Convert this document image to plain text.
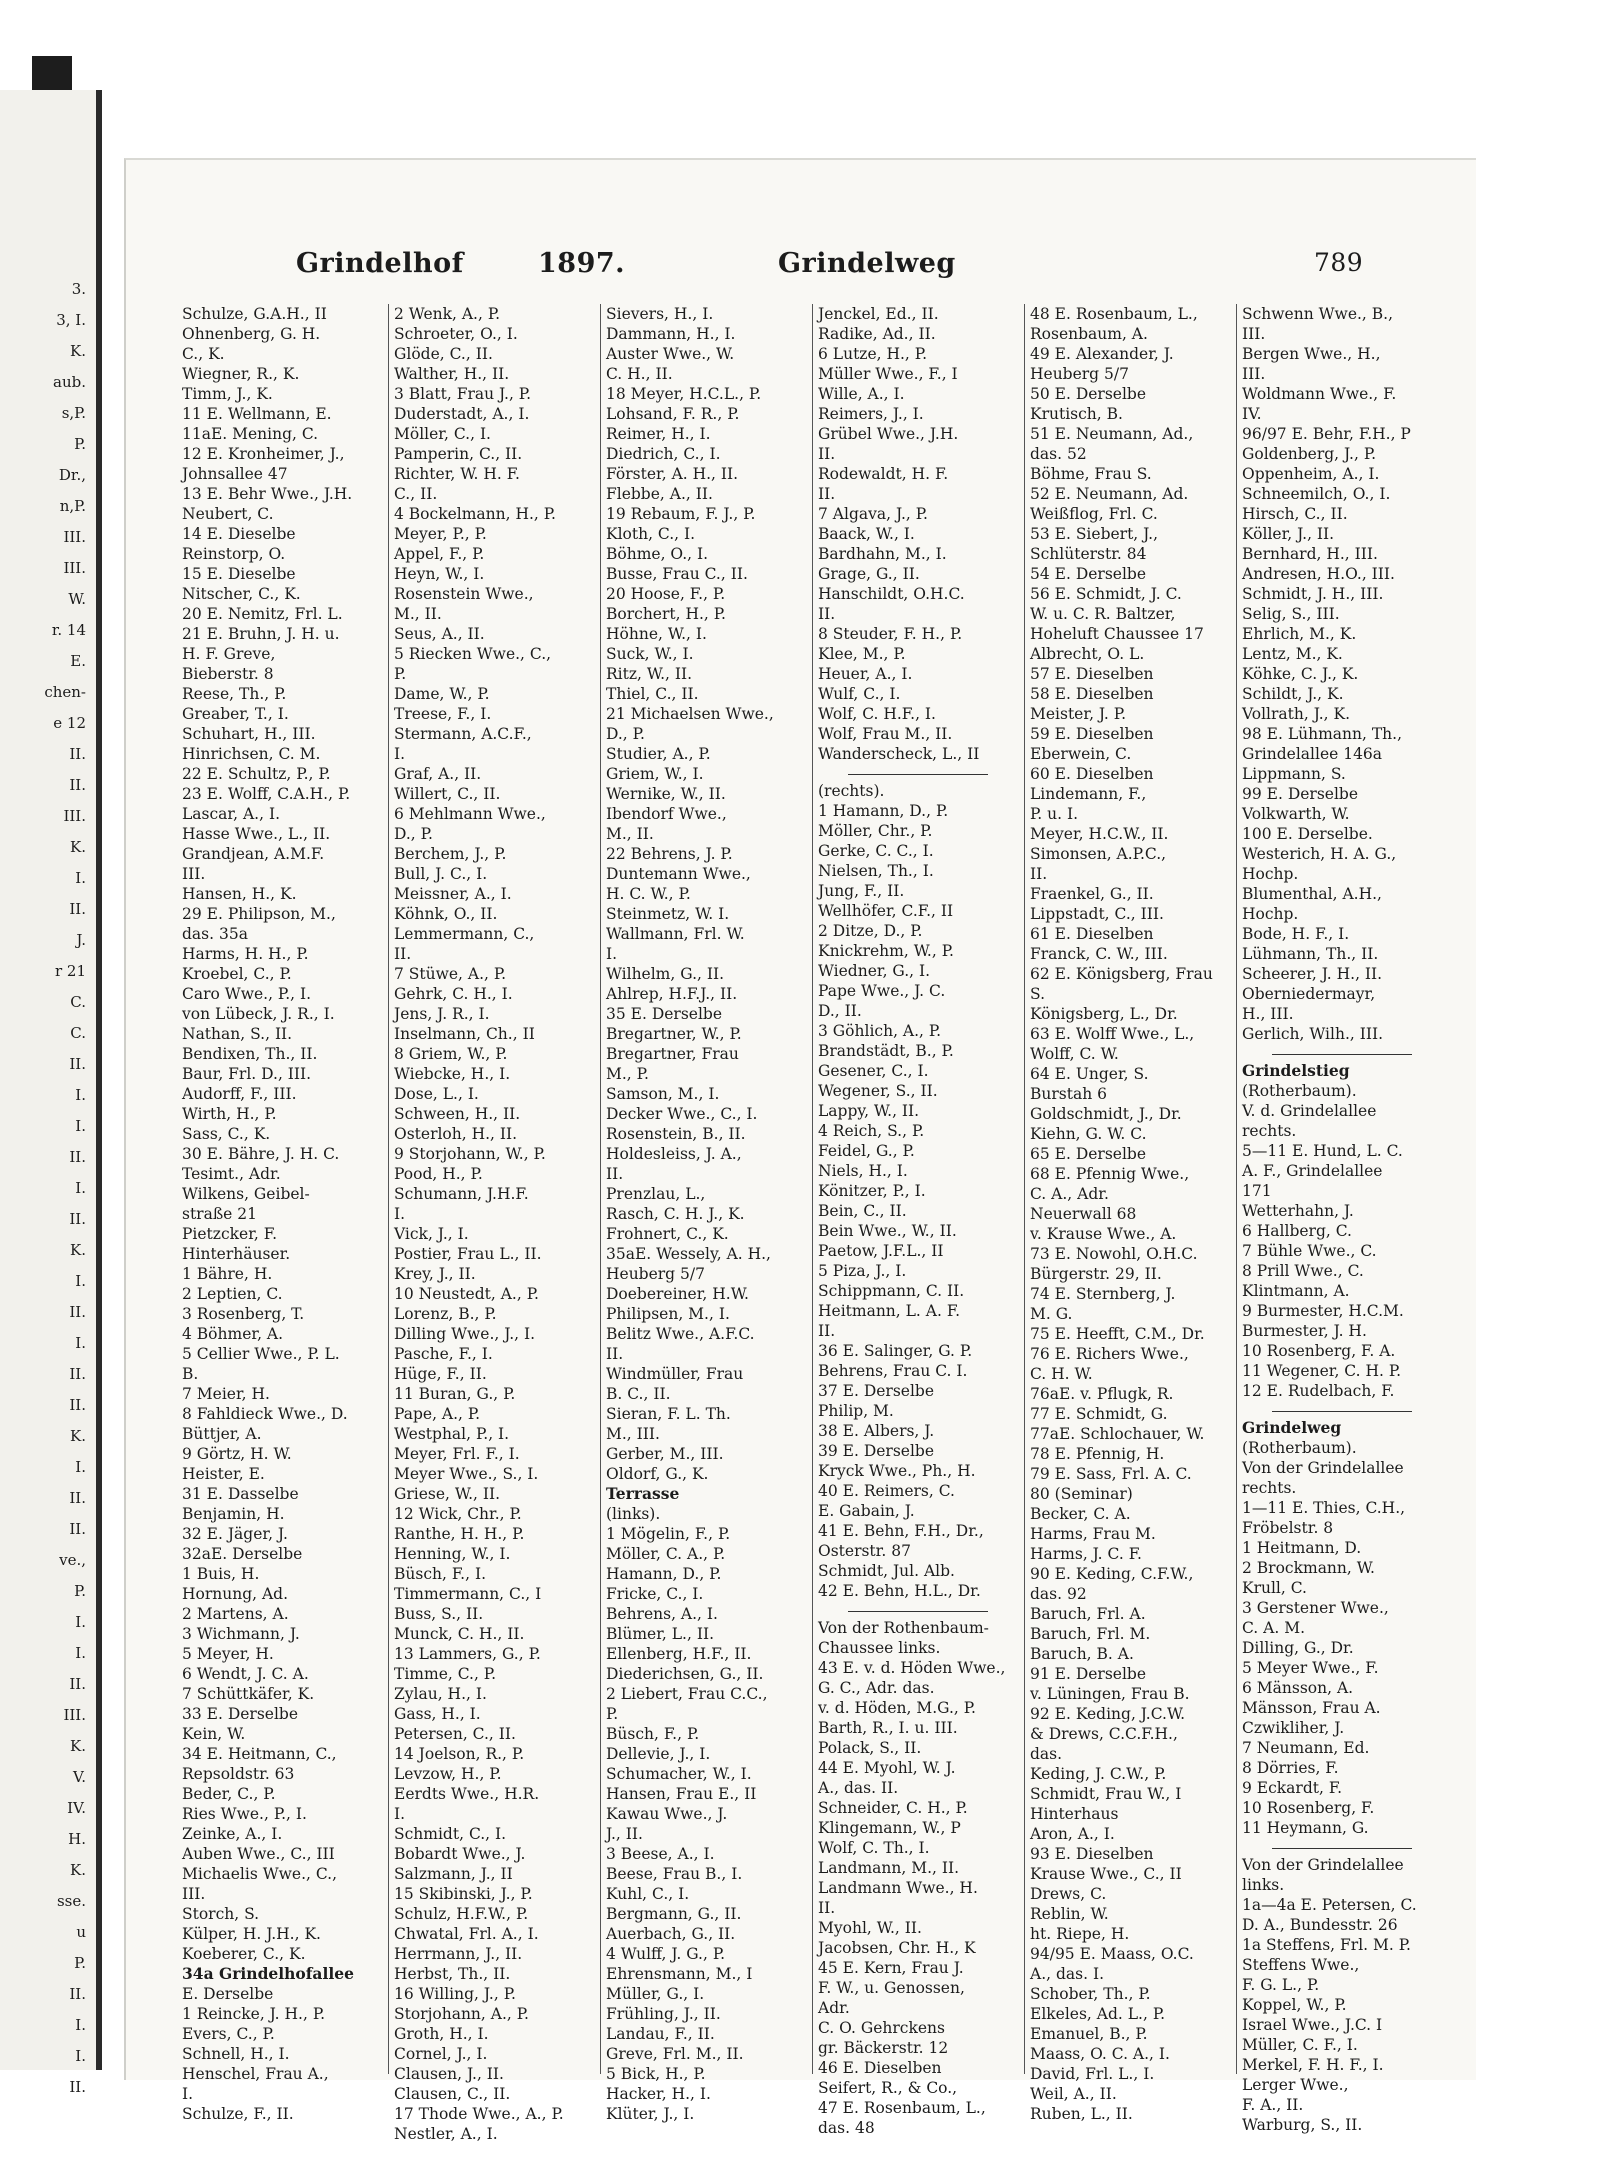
3.
3, I.
K.
aub.
s,P.
P.
Dr.,
n,P.
III.
III.
W.
r. 14
E.
chen-
e 12
II.
II.
III.
K.
I.
II.
J.
r 21
C.
C.
II.
I.
I.
II.
I.
II.
K.
I.
II.
I.
II.
II.
K.
I.
II.
II.
ve.,
P.
I.
I.
II.
III.
K.
V.
IV.
H.
K.
sse.
u
P.
II.
I.
I.
II.
Grindelhof	1897.	Grindelweg	789
Schulze, G.A.H., II
Ohnenberg, G. H.
C., K.
Wiegner, R., K.
Timm, J., K.
11 E. Wellmann, E.
11aE. Mening, C.
12 E. Kronheimer, J.,
Johnsallee 47
13 E. Behr Wwe., J.H.
Neubert, C.
14 E. Dieselbe
Reinstorp, O.
15 E. Dieselbe
Nitscher, C., K.
20 E. Nemitz, Frl. L.
21 E. Bruhn, J. H. u.
H. F. Greve,
Bieberstr. 8
Reese, Th., P.
Greaber, T., I.
Schuhart, H., III.
Hinrichsen, C. M.
22 E. Schultz, P., P.
23 E. Wolff, C.A.H., P.
Lascar, A., I.
Hasse Wwe., L., II.
Grandjean, A.M.F.
III.
Hansen, H., K.
29 E. Philipson, M.,
das. 35a
Harms, H. H., P.
Kroebel, C., P.
Caro Wwe., P., I.
von Lübeck, J. R., I.
Nathan, S., II.
Bendixen, Th., II.
Baur, Frl. D., III.
Audorff, F., III.
Wirth, H., P.
Sass, C., K.
30 E. Bähre, J. H. C.
Tesimt., Adr.
Wilkens, Geibel-
straße 21
Pietzcker, F.
Hinterhäuser.
1 Bähre, H.
2 Leptien, C.
3 Rosenberg, T.
4 Böhmer, A.
5 Cellier Wwe., P. L.
B.
7 Meier, H.
8 Fahldieck Wwe., D.
Büttjer, A.
9 Görtz, H. W.
Heister, E.
31 E. Dasselbe
Benjamin, H.
32 E. Jäger, J.
32aE. Derselbe
1 Buis, H.
Hornung, Ad.
2 Martens, A.
3 Wichmann, J.
5 Meyer, H.
6 Wendt, J. C. A.
7 Schüttkäfer, K.
33 E. Derselbe
Kein, W.
34 E. Heitmann, C.,
Repsoldstr. 63
Beder, C., P.
Ries Wwe., P., I.
Zeinke, A., I.
Auben Wwe., C., III
Michaelis Wwe., C.,
III.
Storch, S.
Külper, H. J.H., K.
Koeberer, C., K.
34a Grindelhofallee
E. Derselbe
1 Reincke, J. H., P.
Evers, C., P.
Schnell, H., I.
Henschel, Frau A.,
I.
Schulze, F., II.
2 Wenk, A., P.
Schroeter, O., I.
Glöde, C., II.
Walther, H., II.
3 Blatt, Frau J., P.
Duderstadt, A., I.
Möller, C., I.
Pamperin, C., II.
Richter, W. H. F.
C., II.
4 Bockelmann, H., P.
Meyer, P., P.
Appel, F., P.
Heyn, W., I.
Rosenstein Wwe.,
M., II.
Seus, A., II.
5 Riecken Wwe., C.,
P.
Dame, W., P.
Treese, F., I.
Stermann, A.C.F.,
I.
Graf, A., II.
Willert, C., II.
6 Mehlmann Wwe.,
D., P.
Berchem, J., P.
Bull, J. C., I.
Meissner, A., I.
Köhnk, O., II.
Lemmermann, C.,
II.
7 Stüwe, A., P.
Gehrk, C. H., I.
Jens, J. R., I.
Inselmann, Ch., II
8 Griem, W., P.
Wiebcke, H., I.
Dose, L., I.
Schween, H., II.
Osterloh, H., II.
9 Storjohann, W., P.
Pood, H., P.
Schumann, J.H.F.
I.
Vick, J., I.
Postier, Frau L., II.
Krey, J., II.
10 Neustedt, A., P.
Lorenz, B., P.
Dilling Wwe., J., I.
Pasche, F., I.
Hüge, F., II.
11 Buran, G., P.
Pape, A., P.
Westphal, P., I.
Meyer, Frl. F., I.
Meyer Wwe., S., I.
Griese, W., II.
12 Wick, Chr., P.
Ranthe, H. H., P.
Henning, W., I.
Büsch, F., I.
Timmermann, C., I
Buss, S., II.
Munck, C. H., II.
13 Lammers, G., P.
Timme, C., P.
Zylau, H., I.
Gass, H., I.
Petersen, C., II.
14 Joelson, R., P.
Levzow, H., P.
Eerdts Wwe., H.R.
I.
Schmidt, C., I.
Bobardt Wwe., J.
Salzmann, J., II
15 Skibinski, J., P.
Schulz, H.F.W., P.
Chwatal, Frl. A., I.
Herrmann, J., II.
Herbst, Th., II.
16 Willing, J., P.
Storjohann, A., P.
Groth, H., I.
Cornel, J., I.
Clausen, J., II.
Clausen, C., II.
17 Thode Wwe., A., P.
Nestler, A., I.
Sievers, H., I.
Dammann, H., I.
Auster Wwe., W.
C. H., II.
18 Meyer, H.C.L., P.
Lohsand, F. R., P.
Reimer, H., I.
Diedrich, C., I.
Förster, A. H., II.
Flebbe, A., II.
19 Rebaum, F. J., P.
Kloth, C., I.
Böhme, O., I.
Busse, Frau C., II.
20 Hoose, F., P.
Borchert, H., P.
Höhne, W., I.
Suck, W., I.
Ritz, W., II.
Thiel, C., II.
21 Michaelsen Wwe.,
D., P.
Studier, A., P.
Griem, W., I.
Wernike, W., II.
Ibendorf Wwe.,
M., II.
22 Behrens, J. P.
Duntemann Wwe.,
H. C. W., P.
Steinmetz, W. I.
Wallmann, Frl. W.
I.
Wilhelm, G., II.
Ahlrep, H.F.J., II.
35 E. Derselbe
Bregartner, W., P.
Bregartner, Frau
M., P.
Samson, M., I.
Decker Wwe., C., I.
Rosenstein, B., II.
Holdesleiss, J. A.,
II.
Prenzlau, L.,
Rasch, C. H. J., K.
Frohnert, C., K.
35aE. Wessely, A. H.,
Heuberg 5/7
Doebereiner, H.W.
Philipsen, M., I.
Belitz Wwe., A.F.C.
II.
Windmüller, Frau
B. C., II.
Sieran, F. L. Th.
M., III.
Gerber, M., III.
Oldorf, G., K.
Terrasse
(links).
1 Mögelin, F., P.
Möller, C. A., P.
Hamann, D., P.
Fricke, C., I.
Behrens, A., I.
Blümer, L., II.
Ellenberg, H.F., II.
Diederichsen, G., II.
2 Liebert, Frau C.C.,
P.
Büsch, F., P.
Dellevie, J., I.
Schumacher, W., I.
Hansen, Frau E., II
Kawau Wwe., J.
J., II.
3 Beese, A., I.
Beese, Frau B., I.
Kuhl, C., I.
Bergmann, G., II.
Auerbach, G., II.
4 Wulff, J. G., P.
Ehrensmann, M., I
Müller, G., I.
Frühling, J., II.
Landau, F., II.
Greve, Frl. M., II.
5 Bick, H., P.
Hacker, H., I.
Klüter, J., I.
Jenckel, Ed., II.
Radike, Ad., II.
6 Lutze, H., P.
Müller Wwe., F., I
Wille, A., I.
Reimers, J., I.
Grübel Wwe., J.H.
II.
Rodewaldt, H. F.
II.
7 Algava, J., P.
Baack, W., I.
Bardhahn, M., I.
Grage, G., II.
Hanschildt, O.H.C.
II.
8 Steuder, F. H., P.
Klee, M., P.
Heuer, A., I.
Wulf, C., I.
Wolf, C. H.F., I.
Wolf, Frau M., II.
Wanderscheck, L., II
(rechts).
1 Hamann, D., P.
Möller, Chr., P.
Gerke, C. C., I.
Nielsen, Th., I.
Jung, F., II.
Wellhöfer, C.F., II
2 Ditze, D., P.
Knickrehm, W., P.
Wiedner, G., I.
Pape Wwe., J. C.
D., II.
3 Göhlich, A., P.
Brandstädt, B., P.
Gesener, C., I.
Wegener, S., II.
Lappy, W., II.
4 Reich, S., P.
Feidel, G., P.
Niels, H., I.
Könitzer, P., I.
Bein, C., II.
Bein Wwe., W., II.
Paetow, J.F.L., II
5 Piza, J., I.
Schippmann, C. II.
Heitmann, L. A. F.
II.
36 E. Salinger, G. P.
Behrens, Frau C. I.
37 E. Derselbe
Philip, M.
38 E. Albers, J.
39 E. Derselbe
Kryck Wwe., Ph., H.
40 E. Reimers, C.
E. Gabain, J.
41 E. Behn, F.H., Dr.,
Osterstr. 87
Schmidt, Jul. Alb.
42 E. Behn, H.L., Dr.
Von der Rothenbaum-
Chaussee links.
43 E. v. d. Höden Wwe.,
G. C., Adr. das.
v. d. Höden, M.G., P.
Barth, R., I. u. III.
Polack, S., II.
44 E. Myohl, W. J.
A., das. II.
Schneider, C. H., P.
Klingemann, W., P
Wolf, C. Th., I.
Landmann, M., II.
Landmann Wwe., H.
II.
Myohl, W., II.
Jacobsen, Chr. H., K
45 E. Kern, Frau J.
F. W., u. Genossen,
Adr.
C. O. Gehrckens
gr. Bäckerstr. 12
46 E. Dieselben
Seifert, R., & Co.,
47 E. Rosenbaum, L.,
das. 48
48 E. Rosenbaum, L.,
Rosenbaum, A.
49 E. Alexander, J.
Heuberg 5/7
50 E. Derselbe
Krutisch, B.
51 E. Neumann, Ad.,
das. 52
Böhme, Frau S.
52 E. Neumann, Ad.
Weißflog, Frl. C.
53 E. Siebert, J.,
Schlüterstr. 84
54 E. Derselbe
56 E. Schmidt, J. C.
W. u. C. R. Baltzer,
Hoheluft Chaussee 17
Albrecht, O. L.
57 E. Dieselben
58 E. Dieselben
Meister, J. P.
59 E. Dieselben
Eberwein, C.
60 E. Dieselben
Lindemann, F.,
P. u. I.
Meyer, H.C.W., II.
Simonsen, A.P.C.,
II.
Fraenkel, G., II.
Lippstadt, C., III.
61 E. Dieselben
Franck, C. W., III.
62 E. Königsberg, Frau
S.
Königsberg, L., Dr.
63 E. Wolff Wwe., L.,
Wolff, C. W.
64 E. Unger, S.
Burstah 6
Goldschmidt, J., Dr.
Kiehn, G. W. C.
65 E. Derselbe
68 E. Pfennig Wwe.,
C. A., Adr.
Neuerwall 68
v. Krause Wwe., A.
73 E. Nowohl, O.H.C.
Bürgerstr. 29, II.
74 E. Sternberg, J.
M. G.
75 E. Heefft, C.M., Dr.
76 E. Richers Wwe.,
C. H. W.
76aE. v. Pflugk, R.
77 E. Schmidt, G.
77aE. Schlochauer, W.
78 E. Pfennig, H.
79 E. Sass, Frl. A. C.
80 (Seminar)
Becker, C. A.
Harms, Frau M.
Harms, J. C. F.
90 E. Keding, C.F.W.,
das. 92
Baruch, Frl. A.
Baruch, Frl. M.
Baruch, B. A.
91 E. Derselbe
v. Lüningen, Frau B.
92 E. Keding, J.C.W.
& Drews, C.C.F.H.,
das.
Keding, J. C.W., P.
Schmidt, Frau W., I
Hinterhaus
Aron, A., I.
93 E. Dieselben
Krause Wwe., C., II
Drews, C.
Reblin, W.
ht. Riepe, H.
94/95 E. Maass, O.C.
A., das. I.
Schober, Th., P.
Elkeles, Ad. L., P.
Emanuel, B., P.
Maass, O. C. A., I.
David, Frl. L., I.
Weil, A., II.
Ruben, L., II.
Schwenn Wwe., B.,
III.
Bergen Wwe., H.,
III.
Woldmann Wwe., F.
IV.
96/97 E. Behr, F.H., P
Goldenberg, J., P.
Oppenheim, A., I.
Schneemilch, O., I.
Hirsch, C., II.
Köller, J., II.
Bernhard, H., III.
Andresen, H.O., III.
Schmidt, J. H., III.
Selig, S., III.
Ehrlich, M., K.
Lentz, M., K.
Köhke, C. J., K.
Schildt, J., K.
Vollrath, J., K.
98 E. Lühmann, Th.,
Grindelallee 146a
Lippmann, S.
99 E. Derselbe
Volkwarth, W.
100 E. Derselbe.
Westerich, H. A. G.,
Hochp.
Blumenthal, A.H.,
Hochp.
Bode, H. F., I.
Lühmann, Th., II.
Scheerer, J. H., II.
Oberniedermayr,
H., III.
Gerlich, Wilh., III.
Grindelstieg
(Rotherbaum).
V. d. Grindelallee
rechts.
5—11 E. Hund, L. C.
A. F., Grindelallee
171
Wetterhahn, J.
6 Hallberg, C.
7 Bühle Wwe., C.
8 Prill Wwe., C.
Klintmann, A.
9 Burmester, H.C.M.
Burmester, J. H.
10 Rosenberg, F. A.
11 Wegener, C. H. P.
12 E. Rudelbach, F.
Grindelweg
(Rotherbaum).
Von der Grindelallee
rechts.
1—11 E. Thies, C.H.,
Fröbelstr. 8
1 Heitmann, D.
2 Brockmann, W.
Krull, C.
3 Gerstener Wwe.,
C. A. M.
Dilling, G., Dr.
5 Meyer Wwe., F.
6 Mänsson, A.
Mänsson, Frau A.
Czwikliher, J.
7 Neumann, Ed.
8 Dörries, F.
9 Eckardt, F.
10 Rosenberg, F.
11 Heymann, G.
Von der Grindelallee
links.
1a—4a E. Petersen, C.
D. A., Bundesstr. 26
1a Steffens, Frl. M. P.
Steffens Wwe.,
F. G. L., P.
Koppel, W., P.
Israel Wwe., J.C. I
Müller, C. F., I.
Merkel, F. H. F., I.
Lerger Wwe.,
F. A., II.
Warburg, S., II.
